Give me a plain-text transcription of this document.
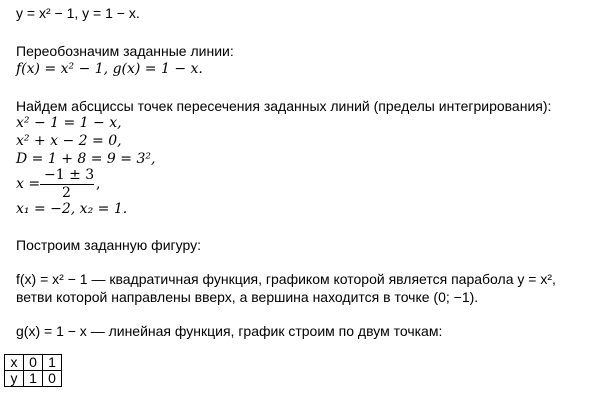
y = x² − 1, y = 1 − x.
Переобозначим заданные линии:
f(x) = x² − 1, g(x) = 1 − x.
Найдем абсциссы точек пересечения заданных линий (пределы интегрирования):
x² − 1 = 1 − x,
x² + x − 2 = 0,
D = 1 + 8 = 9 = 3²,
x =
−1 ± 3
2
,
x₁ = −2, x₂ = 1.
Построим заданную фигуру:
f(x) = x² − 1 — квадратичная функция, графиком которой является парабола y = x²,
ветви которой направлены вверх, а вершина находится в точке (0; −1).
g(x) = 1 − x — линейная функция, график строим по двум точкам:
x	0	1
y	1	0
